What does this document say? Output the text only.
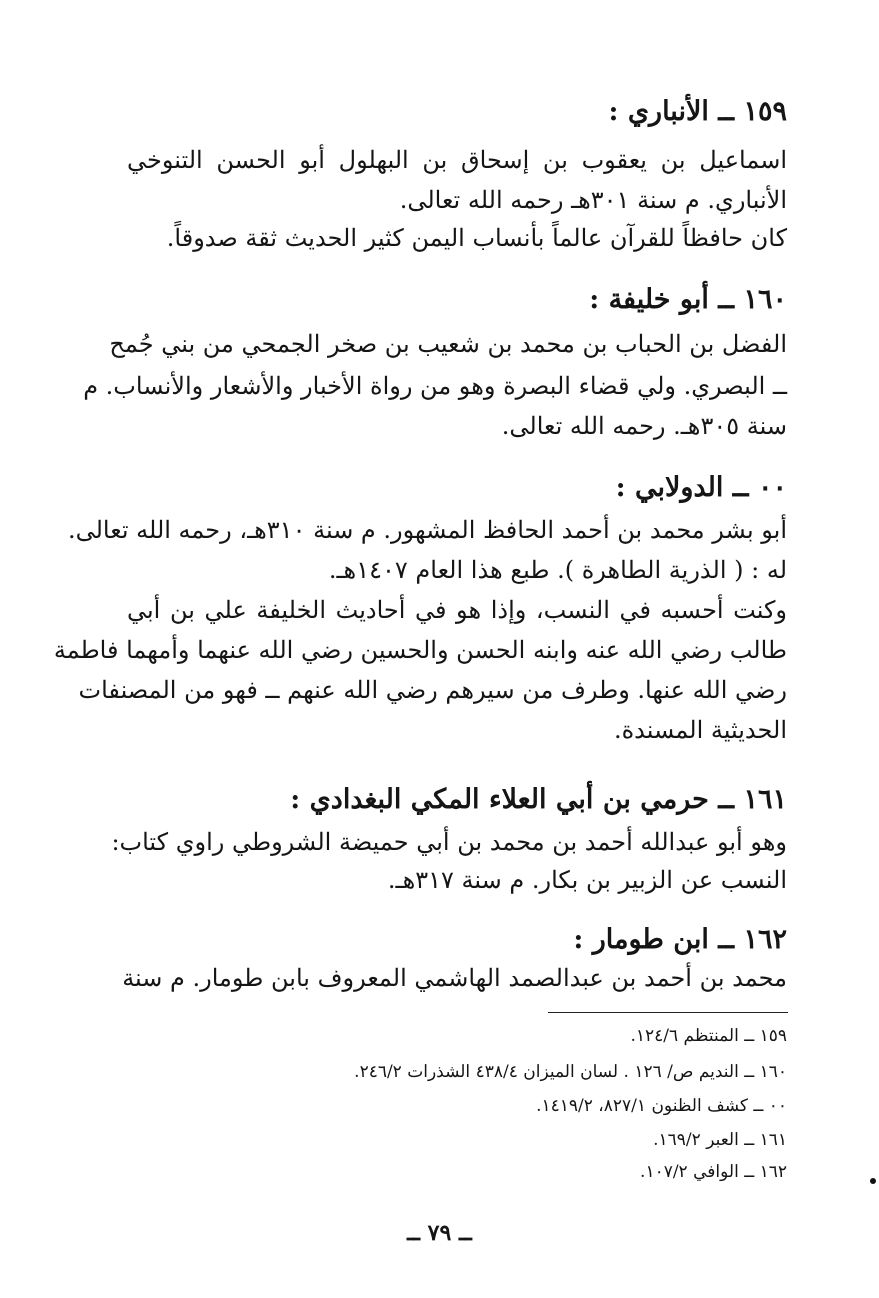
١٥٩ ــ الأنباري :
اسماعيل بن يعقوب بن إسحاق بن البهلول أبو الحسن التنوخي
الأنباري. م سنة ٣٠١هـ رحمه الله تعالى.
كان حافظاً للقرآن عالماً بأنساب اليمن كثير الحديث ثقة صدوقاً.
١٦٠ ــ أبو خليفة :
الفضل بن الحباب بن محمد بن شعيب بن صخر الجمحي من بني جُمح
ــ البصري. ولي قضاء البصرة وهو من رواة الأخبار والأشعار والأنساب. م
سنة ٣٠٥هـ. رحمه الله تعالى.
٠٠ ــ الدولابي :
أبو بشر محمد بن أحمد الحافظ المشهور. م سنة ٣١٠هـ، رحمه الله تعالى.
له : ( الذرية الطاهرة ). طبع هذا العام ١٤٠٧هـ.
وكنت أحسبه في النسب، وإذا هو في أحاديث الخليفة علي بن أبي
طالب رضي الله عنه وابنه الحسن والحسين رضي الله عنهما وأمهما فاطمة
رضي الله عنها. وطرف من سيرهم رضي الله عنهم ــ فهو من المصنفات
الحديثية المسندة.
١٦١ ــ حرمي بن أبي العلاء المكي البغدادي :
وهو أبو عبدالله أحمد بن محمد بن أبي حميضة الشروطي راوي كتاب:
النسب عن الزبير بن بكار. م سنة ٣١٧هـ.
١٦٢ ــ ابن طومار :
محمد بن أحمد بن عبدالصمد الهاشمي المعروف بابن طومار. م سنة
١٥٩ ــ المنتظم ١٢٤/٦.
١٦٠ ــ النديم ص/ ١٢٦ . لسان الميزان ٤٣٨/٤ الشذرات ٢٤٦/٢.
٠٠ ــ كشف الظنون ٨٢٧/١، ١٤١٩/٢.
١٦١ ــ العبر ١٦٩/٢.
١٦٢ ــ الوافي ١٠٧/٢.
ــ ٧٩ ــ
